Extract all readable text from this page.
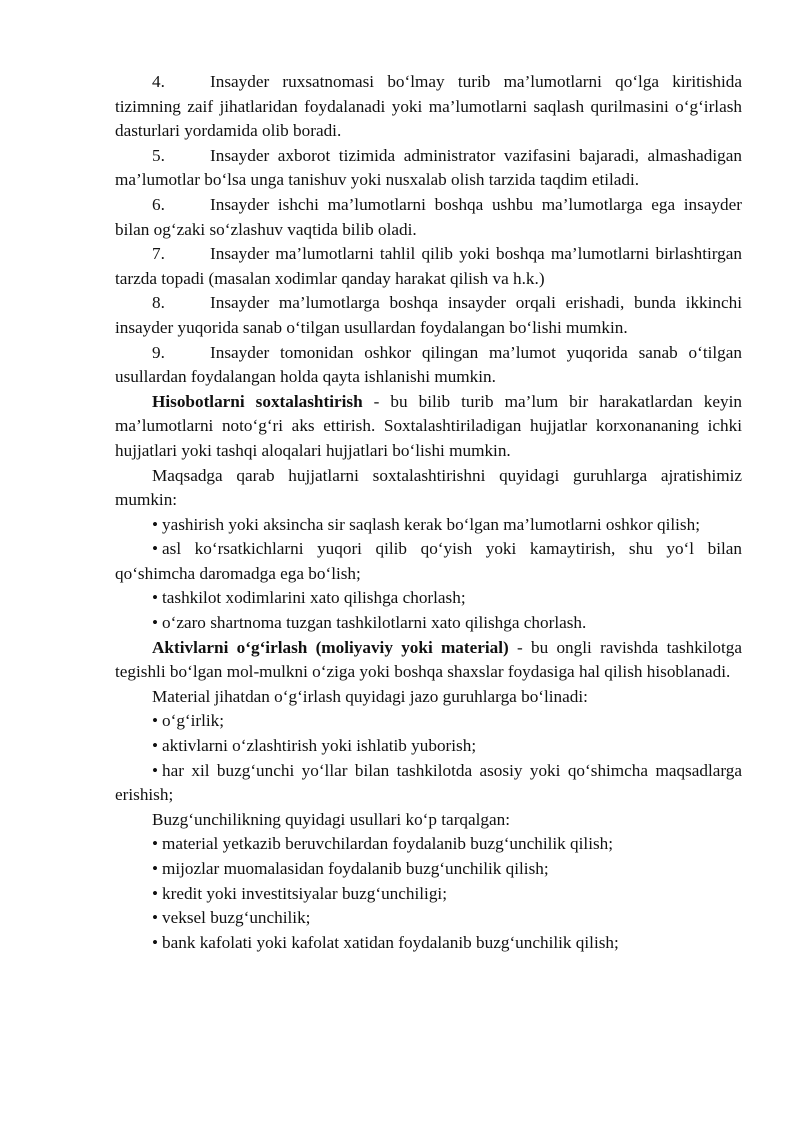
4.	Insayder ruxsatnomasi bo‘lmay turib ma’lumotlarni qo‘lga kiritishida tizimning zaif jihatlaridan foydalanadi yoki ma’lumotlarni saqlash qurilmasini o‘g‘irlash dasturlari yordamida olib boradi.

5.	Insayder axborot tizimida administrator vazifasini bajaradi, almashadigan ma’lumotlar bo‘lsa unga tanishuv yoki nusxalab olish tarzida taqdim etiladi.

6.	Insayder ishchi ma’lumotlarni boshqa ushbu ma’lumotlarga ega insayder bilan og‘zaki so‘zlashuv vaqtida bilib oladi.

7.	Insayder ma’lumotlarni tahlil qilib yoki boshqa ma’lumotlarni birlashtirgan tarzda topadi (masalan xodimlar qanday harakat qilish va h.k.)

8.	Insayder ma’lumotlarga boshqa insayder orqali erishadi, bunda ikkinchi insayder yuqorida sanab o‘tilgan usullardan foydalangan bo‘lishi mumkin.

9.	Insayder tomonidan oshkor qilingan ma’lumot yuqorida sanab o‘tilgan usullardan foydalangan holda qayta ishlanishi mumkin.

Hisobotlarni soxtalashtirish - bu bilib turib ma’lum bir harakatlardan keyin ma’lumotlarni noto‘g‘ri aks ettirish. Soxtalashtiriladigan hujjatlar korxonananing ichki hujjatlari yoki tashqi aloqalari hujjatlari bo‘lishi mumkin.

Maqsadga qarab hujjatlarni soxtalashtirishni quyidagi guruhlarga ajratishimiz mumkin:

• yashirish yoki aksincha sir saqlash kerak bo‘lgan ma’lumotlarni oshkor qilish;

• asl ko‘rsatkichlarni yuqori qilib qo‘yish yoki kamaytirish, shu yo‘l bilan qo‘shimcha daromadga ega bo‘lish;

• tashkilot xodimlarini xato qilishga chorlash;

• o‘zaro shartnoma tuzgan tashkilotlarni xato qilishga chorlash.

Aktivlarni o‘g‘irlash (moliyaviy yoki material) - bu ongli ravishda tashkilotga tegishli bo‘lgan mol-mulkni o‘ziga yoki boshqa shaxslar foydasiga hal qilish hisoblanadi.

Material jihatdan o‘g‘irlash quyidagi jazo guruhlarga bo‘linadi:

• o‘g‘irlik;

• aktivlarni o‘zlashtirish yoki ishlatib yuborish;

• har xil buzg‘unchi yo‘llar bilan tashkilotda asosiy yoki qo‘shimcha maqsadlarga erishish;

Buzg‘unchilikning quyidagi usullari ko‘p tarqalgan:

• material yetkazib beruvchilardan foydalanib buzg‘unchilik qilish;

• mijozlar muomalasidan foydalanib buzg‘unchilik qilish;

• kredit yoki investitsiyalar buzg‘unchiligi;

• veksel buzg‘unchilik;

• bank kafolati yoki kafolat xatidan foydalanib buzg‘unchilik qilish;
